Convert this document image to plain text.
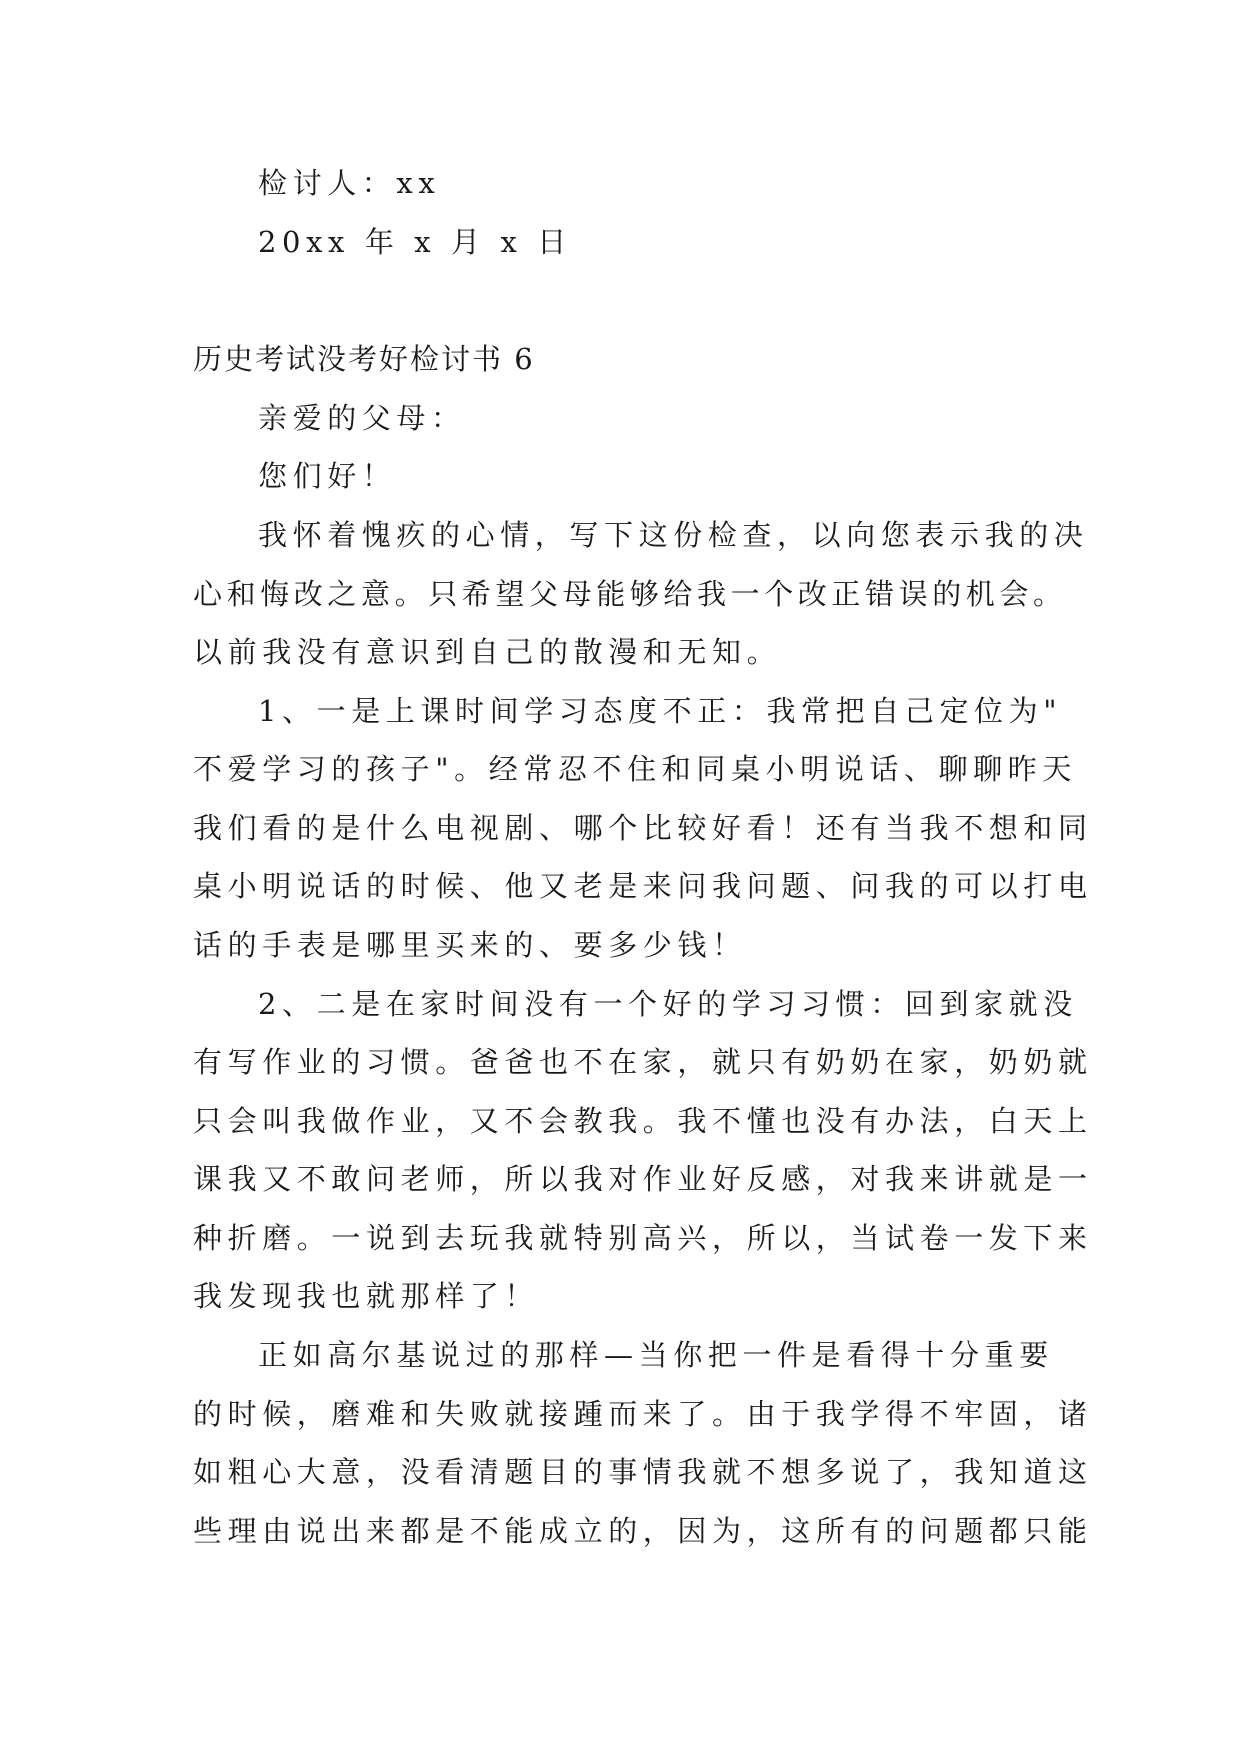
检讨人：xx
20xx 年 x 月 x 日
历史考试没考好检讨书 6
亲爱的父母：
您们好！
我怀着愧疚的心情，写下这份检查，以向您表示我的决
心和悔改之意。只希望父母能够给我一个改正错误的机会。
以前我没有意识到自己的散漫和无知。
1、一是上课时间学习态度不正：我常把自己定位为"
不爱学习的孩子"。经常忍不住和同桌小明说话、聊聊昨天
我们看的是什么电视剧、哪个比较好看！还有当我不想和同
桌小明说话的时候、他又老是来问我问题、问我的可以打电
话的手表是哪里买来的、要多少钱！
2、二是在家时间没有一个好的学习习惯：回到家就没
有写作业的习惯。爸爸也不在家，就只有奶奶在家，奶奶就
只会叫我做作业，又不会教我。我不懂也没有办法，白天上
课我又不敢问老师，所以我对作业好反感，对我来讲就是一
种折磨。一说到去玩我就特别高兴，所以，当试卷一发下来
我发现我也就那样了！
正如高尔基说过的那样—当你把一件是看得十分重要
的时候，磨难和失败就接踵而来了。由于我学得不牢固，诸
如粗心大意，没看清题目的事情我就不想多说了，我知道这
些理由说出来都是不能成立的，因为，这所有的问题都只能
